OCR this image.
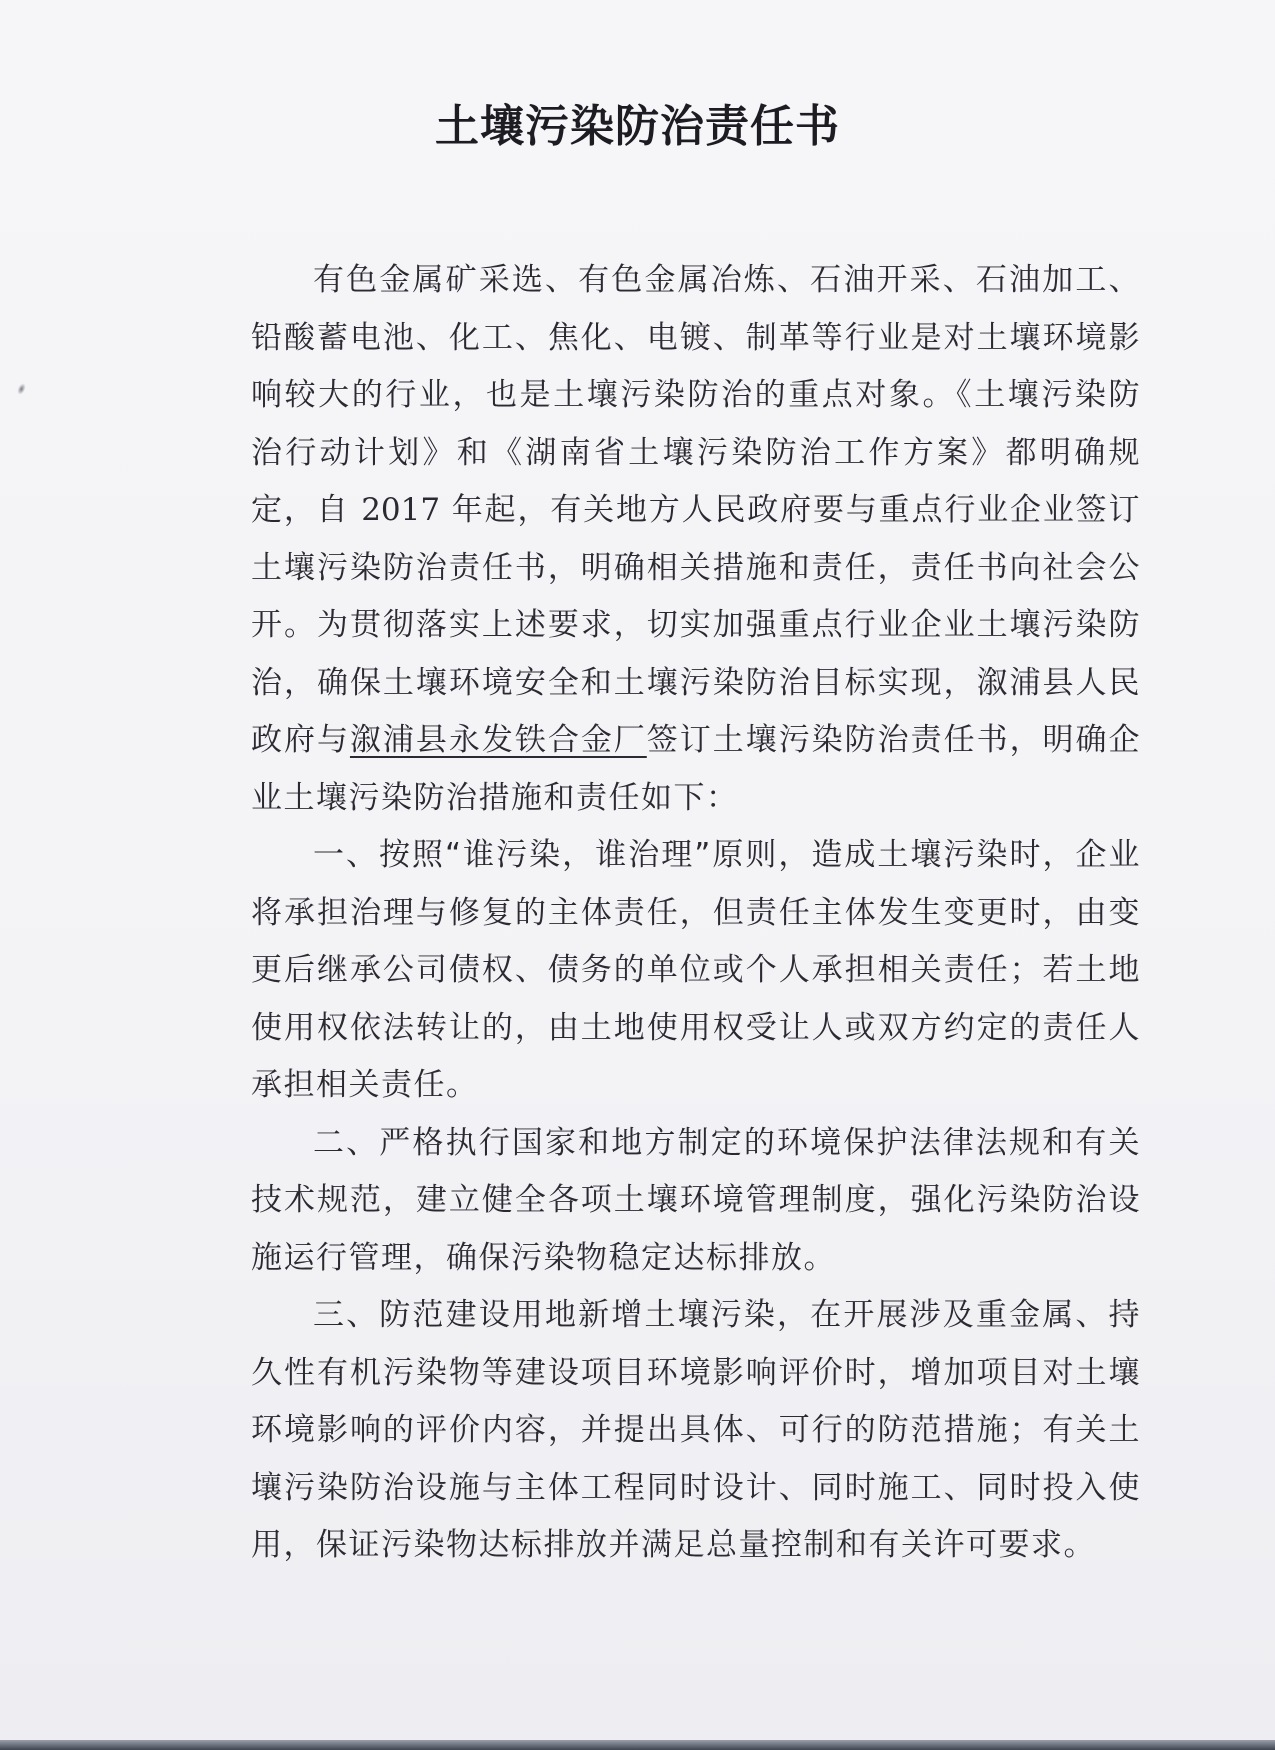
土壤污染防治责任书

有色金属矿采选、有色金属冶炼、石油开采、石油加工、铅酸蓄电池、化工、焦化、电镀、制革等行业是对土壤环境影响较大的行业，也是土壤污染防治的重点对象。《土壤污染防治行动计划》和《湖南省土壤污染防治工作方案》都明确规定，自 2017 年起，有关地方人民政府要与重点行业企业签订土壤污染防治责任书，明确相关措施和责任，责任书向社会公开。为贯彻落实上述要求，切实加强重点行业企业土壤污染防治，确保土壤环境安全和土壤污染防治目标实现，溆浦县人民政府与溆浦县永发铁合金厂签订土壤污染防治责任书，明确企业土壤污染防治措施和责任如下：

一、按照“谁污染，谁治理”原则，造成土壤污染时，企业将承担治理与修复的主体责任，但责任主体发生变更时，由变更后继承公司债权、债务的单位或个人承担相关责任；若土地使用权依法转让的，由土地使用权受让人或双方约定的责任人承担相关责任。

二、严格执行国家和地方制定的环境保护法律法规和有关技术规范，建立健全各项土壤环境管理制度，强化污染防治设施运行管理，确保污染物稳定达标排放。

三、防范建设用地新增土壤污染，在开展涉及重金属、持久性有机污染物等建设项目环境影响评价时，增加项目对土壤环境影响的评价内容，并提出具体、可行的防范措施；有关土壤污染防治设施与主体工程同时设计、同时施工、同时投入使用，保证污染物达标排放并满足总量控制和有关许可要求。
